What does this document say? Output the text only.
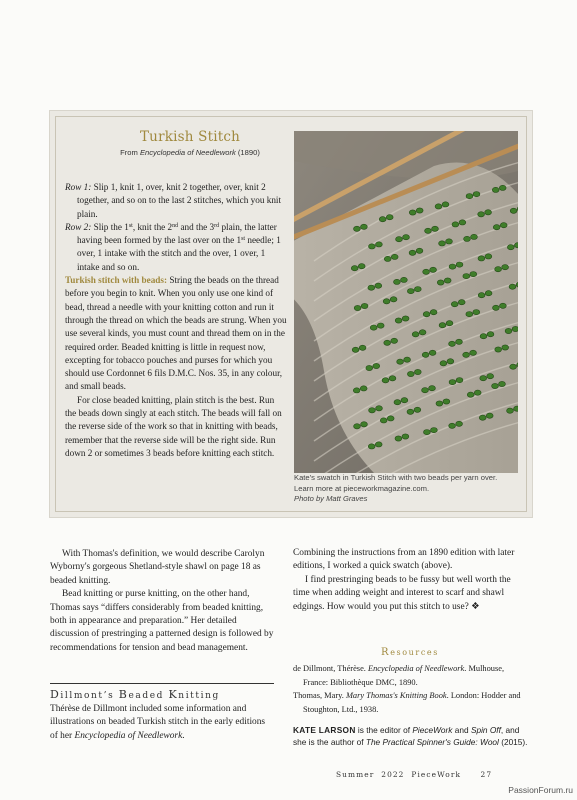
Turkish Stitch
From Encyclopedia of Needlework (1890)
Row 1: Slip 1, knit 1, over, knit 2 together, over, knit 2 together, and so on to the last 2 stitches, which you knit plain.
Row 2: Slip the 1st, knit the 2nd and the 3rd plain, the latter having been formed by the last over on the 1st needle; 1 over, 1 intake with the stitch and the over, 1 over, 1 intake and so on.
Turkish stitch with beads: String the beads on the thread before you begin to knit. When you only use one kind of bead, thread a needle with your knitting cotton and run it through the thread on which the beads are strung. When you use several kinds, you must count and thread them on in the required order. Beaded knitting is little in request now, excepting for tobacco pouches and purses for which you should use Cordonnet 6 fils D.M.C. Nos. 35, in any colour, and small beads.
For close beaded knitting, plain stitch is the best. Run the beads down singly at each stitch. The beads will fall on the reverse side of the work so that in knitting with beads, remember that the reverse side will be the right side. Run down 2 or sometimes 3 beads before knitting each stitch.
Kate's swatch in Turkish Stitch with two beads per yarn over.
Learn more at pieceworkmagazine.com.
Photo by Matt Graves

With Thomas's definition, we would describe Carolyn Wyborny's gorgeous Shetland-style shawl on page 18 as beaded knitting.

Bead knitting or purse knitting, on the other hand, Thomas says “differs considerably from beaded knitting, both in appearance and preparation.” Her detailed discussion of prestringing a patterned design is followed by recommendations for tension and bead management.

Combining the instructions from an 1890 edition with later editions, I worked a quick swatch (above).

I find prestringing beads to be fussy but well worth the time when adding weight and interest to scarf and shawl edgings. How would you put this stitch to use? ❖

Dillmont’s Beaded Knitting
Thérèse de Dillmont included some information and illustrations on beaded Turkish stitch in the early editions of her Encyclopedia of Needlework.
Resources
de Dillmont, Thérèse. Encyclopedia of Needlework. Mulhouse, France: Bibliothèque DMC, 1890.
Thomas, Mary. Mary Thomas's Knitting Book. London: Hodder and Stoughton, Ltd., 1938.
KATE LARSON is the editor of PieceWork and Spin Off, and she is the author of The Practical Spinner's Guide: Wool (2015).
Summer 2022 PieceWork	27
PassionForum.ru
